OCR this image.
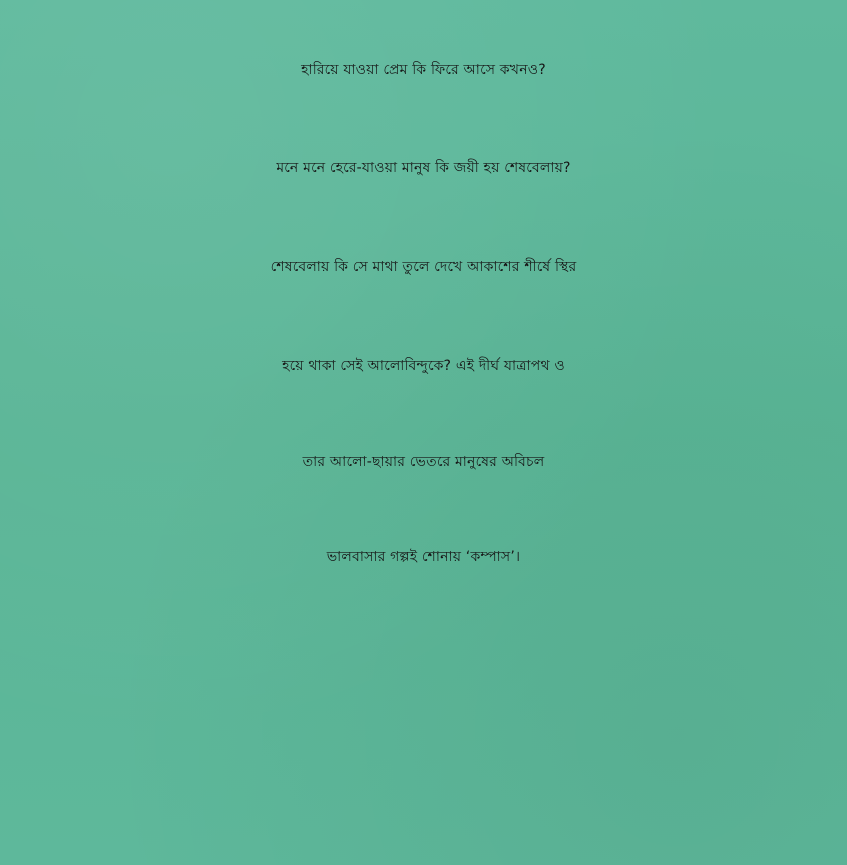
হারিয়ে যাওয়া প্রেম কি ফিরে আসে কখনও?
মনে মনে হেরে-যাওয়া মানুষ কি জয়ী হয় শেষবেলায়?
শেষবেলায় কি সে মাথা তুলে দেখে আকাশের শীর্ষে স্থির
হয়ে থাকা সেই আলোবিন্দুকে? এই দীর্ঘ যাত্রাপথ ও
তার আলো-ছায়ার ভেতরে মানুষের অবিচল
ভালবাসার গল্পই শোনায় ‘কম্পাস’।
